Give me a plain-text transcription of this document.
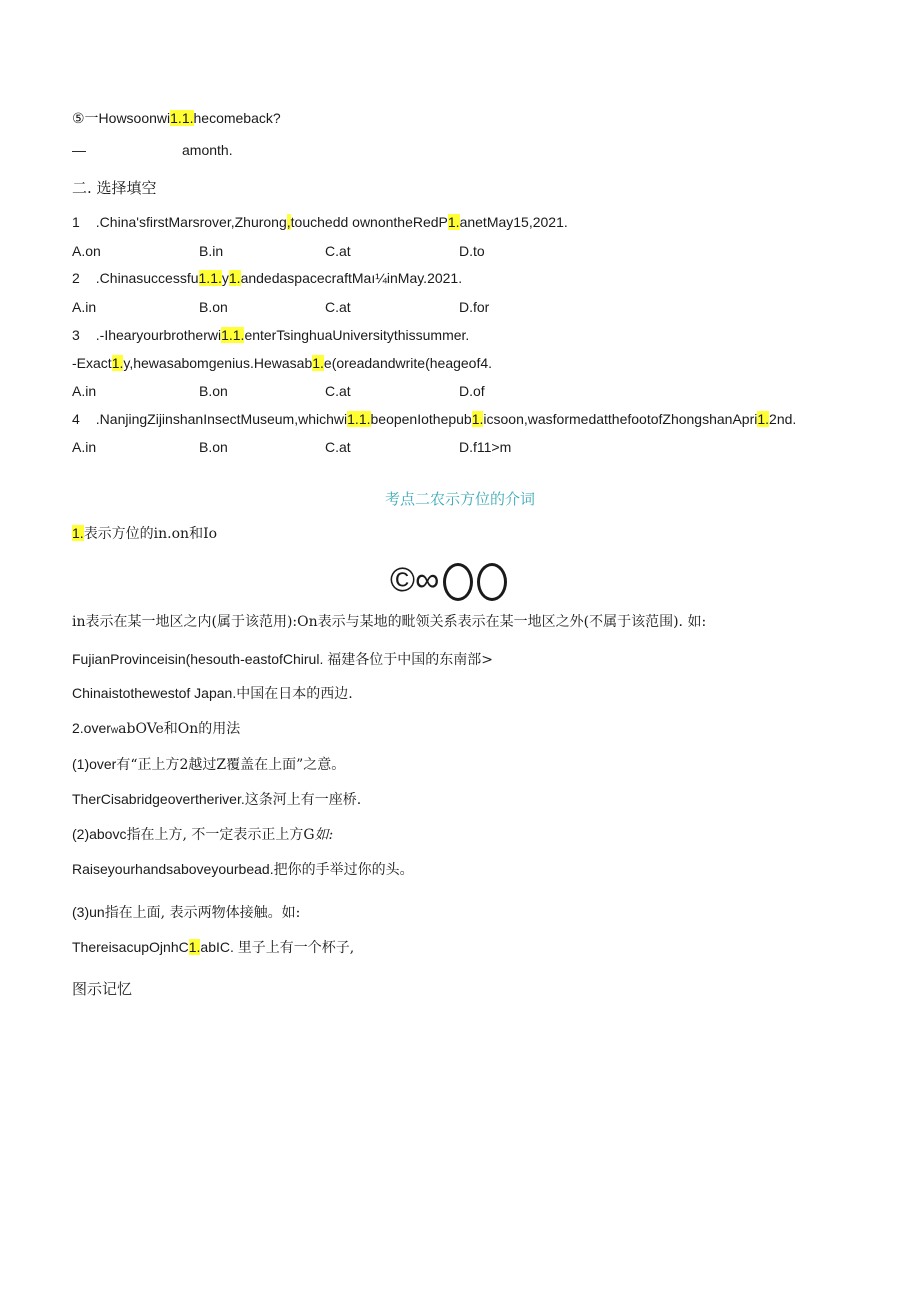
⑤一Howsoonwi1.1.hecomeback?
—	amonth.
二. 选择填空
1 .China'sfirstMarsrover,Zhurong,touchedd ownontheRedP1.anetMay15,2021.
A.on	B.in	C.at	D.to
2 .Chinasuccessfu1.1.y1.andedaspacecraftMaı¼inMay.2021.
A.in	B.on	C.at	D.for
3 .-Ihearyourbrotherwi1.1.enterTsinghuaUniversitythissummer.
-Exact1.y,hewasabomgenius.Hewasab1.e(oreadandwrite(heageof4.
A.in	B.on	C.at	D.of
4 .NanjingZijinshanInsectMuseum,whichwi1.1.beopenIothepub1.icsoon,wasformedatthefootofZhongshanApri1.2nd.
A.in	B.on	C.at	D.f11>m
考点二农示方位的介词
1.表示方位的in.on和Io
©∞
in表示在某一地区之内(属于该范用):On表示与某地的毗领关系表示在某一地区之外(不属于该范围). 如:
FujianProvinceisin(hesouth-eastofChirul. 福建各位于中国的东南部>
Chinaistothewestof Japan.中国在日本的西边.
2.overwabOVe和On的用法
(1)over有“正上方2越过Z覆盖在上面”之意。
TherCisabridgeovertheriver.这条河上有一座桥.
(2)abovc指在上方, 不一定表示正上方G如:
Raiseyourhandsaboveyourbead.把你的手举过你的头。
(3)un指在上面, 表示两物体接触。如:
ThereisacupOjnhC1.abIC. 里子上有一个杯子,
图示记忆
